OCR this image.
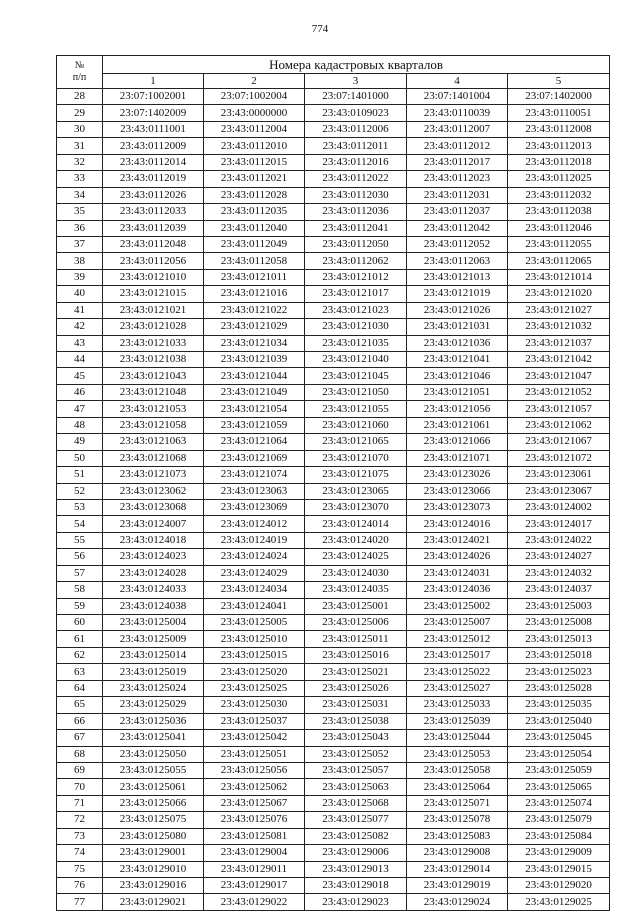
774
№
п/п	Номера кадастровых кварталов				
	1	2	3	4	5
28	23:07:1002001	23:07:1002004	23:07:1401000	23:07:1401004	23:07:1402000
29	23:07:1402009	23:43:0000000	23:43:0109023	23:43:0110039	23:43:0110051
30	23:43:0111001	23:43:0112004	23:43:0112006	23:43:0112007	23:43:0112008
31	23:43:0112009	23:43:0112010	23:43:0112011	23:43:0112012	23:43:0112013
32	23:43:0112014	23:43:0112015	23:43:0112016	23:43:0112017	23:43:0112018
33	23:43:0112019	23:43:0112021	23:43:0112022	23:43:0112023	23:43:0112025
34	23:43:0112026	23:43:0112028	23:43:0112030	23:43:0112031	23:43:0112032
35	23:43:0112033	23:43:0112035	23:43:0112036	23:43:0112037	23:43:0112038
36	23:43:0112039	23:43:0112040	23:43:0112041	23:43:0112042	23:43:0112046
37	23:43:0112048	23:43:0112049	23:43:0112050	23:43:0112052	23:43:0112055
38	23:43:0112056	23:43:0112058	23:43:0112062	23:43:0112063	23:43:0112065
39	23:43:0121010	23:43:0121011	23:43:0121012	23:43:0121013	23:43:0121014
40	23:43:0121015	23:43:0121016	23:43:0121017	23:43:0121019	23:43:0121020
41	23:43:0121021	23:43:0121022	23:43:0121023	23:43:0121026	23:43:0121027
42	23:43:0121028	23:43:0121029	23:43:0121030	23:43:0121031	23:43:0121032
43	23:43:0121033	23:43:0121034	23:43:0121035	23:43:0121036	23:43:0121037
44	23:43:0121038	23:43:0121039	23:43:0121040	23:43:0121041	23:43:0121042
45	23:43:0121043	23:43:0121044	23:43:0121045	23:43:0121046	23:43:0121047
46	23:43:0121048	23:43:0121049	23:43:0121050	23:43:0121051	23:43:0121052
47	23:43:0121053	23:43:0121054	23:43:0121055	23:43:0121056	23:43:0121057
48	23:43:0121058	23:43:0121059	23:43:0121060	23:43:0121061	23:43:0121062
49	23:43:0121063	23:43:0121064	23:43:0121065	23:43:0121066	23:43:0121067
50	23:43:0121068	23:43:0121069	23:43:0121070	23:43:0121071	23:43:0121072
51	23:43:0121073	23:43:0121074	23:43:0121075	23:43:0123026	23:43:0123061
52	23:43:0123062	23:43:0123063	23:43:0123065	23:43:0123066	23:43:0123067
53	23:43:0123068	23:43:0123069	23:43:0123070	23:43:0123073	23:43:0124002
54	23:43:0124007	23:43:0124012	23:43:0124014	23:43:0124016	23:43:0124017
55	23:43:0124018	23:43:0124019	23:43:0124020	23:43:0124021	23:43:0124022
56	23:43:0124023	23:43:0124024	23:43:0124025	23:43:0124026	23:43:0124027
57	23:43:0124028	23:43:0124029	23:43:0124030	23:43:0124031	23:43:0124032
58	23:43:0124033	23:43:0124034	23:43:0124035	23:43:0124036	23:43:0124037
59	23:43:0124038	23:43:0124041	23:43:0125001	23:43:0125002	23:43:0125003
60	23:43:0125004	23:43:0125005	23:43:0125006	23:43:0125007	23:43:0125008
61	23:43:0125009	23:43:0125010	23:43:0125011	23:43:0125012	23:43:0125013
62	23:43:0125014	23:43:0125015	23:43:0125016	23:43:0125017	23:43:0125018
63	23:43:0125019	23:43:0125020	23:43:0125021	23:43:0125022	23:43:0125023
64	23:43:0125024	23:43:0125025	23:43:0125026	23:43:0125027	23:43:0125028
65	23:43:0125029	23:43:0125030	23:43:0125031	23:43:0125033	23:43:0125035
66	23:43:0125036	23:43:0125037	23:43:0125038	23:43:0125039	23:43:0125040
67	23:43:0125041	23:43:0125042	23:43:0125043	23:43:0125044	23:43:0125045
68	23:43:0125050	23:43:0125051	23:43:0125052	23:43:0125053	23:43:0125054
69	23:43:0125055	23:43:0125056	23:43:0125057	23:43:0125058	23:43:0125059
70	23:43:0125061	23:43:0125062	23:43:0125063	23:43:0125064	23:43:0125065
71	23:43:0125066	23:43:0125067	23:43:0125068	23:43:0125071	23:43:0125074
72	23:43:0125075	23:43:0125076	23:43:0125077	23:43:0125078	23:43:0125079
73	23:43:0125080	23:43:0125081	23:43:0125082	23:43:0125083	23:43:0125084
74	23:43:0129001	23:43:0129004	23:43:0129006	23:43:0129008	23:43:0129009
75	23:43:0129010	23:43:0129011	23:43:0129013	23:43:0129014	23:43:0129015
76	23:43:0129016	23:43:0129017	23:43:0129018	23:43:0129019	23:43:0129020
77	23:43:0129021	23:43:0129022	23:43:0129023	23:43:0129024	23:43:0129025
